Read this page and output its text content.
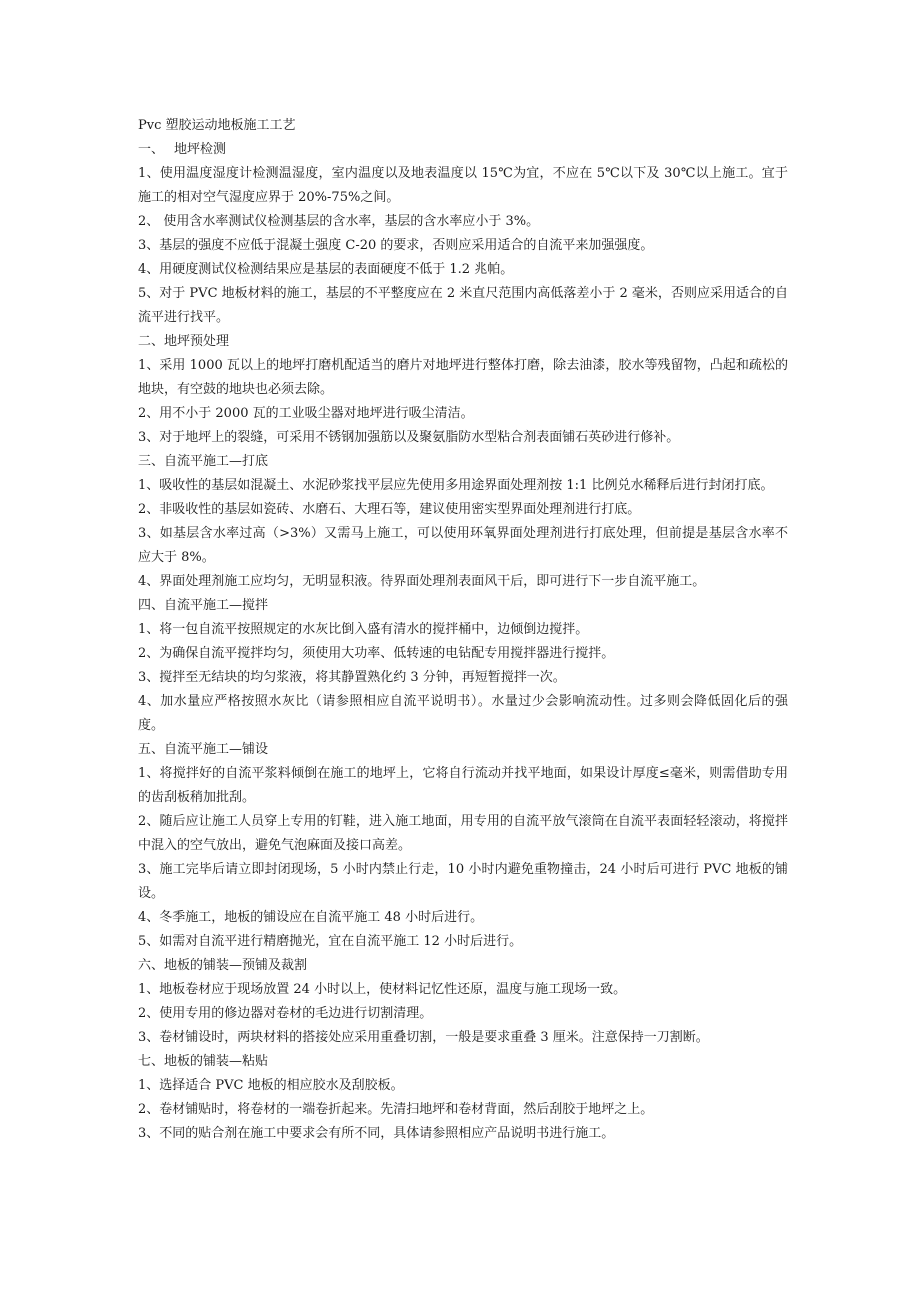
Pvc 塑胶运动地板施工工艺
一、 地坪检测
1、使用温度湿度计检测温湿度，室内温度以及地表温度以 15℃为宜，不应在 5℃以下及 30℃以上施工。宜于施工的相对空气湿度应界于 20%-75%之间。
2、 使用含水率测试仪检测基层的含水率，基层的含水率应小于 3%。
3、基层的强度不应低于混凝土强度 C-20 的要求，否则应采用适合的自流平来加强强度。
4、用硬度测试仪检测结果应是基层的表面硬度不低于 1.2 兆帕。
5、对于 PVC 地板材料的施工，基层的不平整度应在 2 米直尺范围内高低落差小于 2 毫米，否则应采用适合的自流平进行找平。
二、地坪预处理
1、采用 1000 瓦以上的地坪打磨机配适当的磨片对地坪进行整体打磨，除去油漆，胶水等残留物，凸起和疏松的地块，有空鼓的地块也必须去除。
2、用不小于 2000 瓦的工业吸尘器对地坪进行吸尘清洁。
3、对于地坪上的裂缝，可采用不锈钢加强筋以及聚氨脂防水型粘合剂表面铺石英砂进行修补。
三、自流平施工—打底
1、吸收性的基层如混凝土、水泥砂浆找平层应先使用多用途界面处理剂按 1:1 比例兑水稀释后进行封闭打底。
2、非吸收性的基层如瓷砖、水磨石、大理石等，建议使用密实型界面处理剂进行打底。
3、如基层含水率过高（>3%）又需马上施工，可以使用环氧界面处理剂进行打底处理，但前提是基层含水率不应大于 8%。
4、界面处理剂施工应均匀，无明显积液。待界面处理剂表面风干后，即可进行下一步自流平施工。
四、自流平施工—搅拌
1、将一包自流平按照规定的水灰比倒入盛有清水的搅拌桶中，边倾倒边搅拌。
2、为确保自流平搅拌均匀，须使用大功率、低转速的电钻配专用搅拌器进行搅拌。
3、搅拌至无结块的均匀浆液，将其静置熟化约 3 分钟，再短暂搅拌一次。
4、加水量应严格按照水灰比（请参照相应自流平说明书）。水量过少会影响流动性。过多则会降低固化后的强度。
五、自流平施工—铺设
1、将搅拌好的自流平浆料倾倒在施工的地坪上，它将自行流动并找平地面，如果设计厚度≤毫米，则需借助专用的齿刮板稍加批刮。
2、随后应让施工人员穿上专用的钉鞋，进入施工地面，用专用的自流平放气滚筒在自流平表面轻轻滚动，将搅拌中混入的空气放出，避免气泡麻面及接口高差。
3、施工完毕后请立即封闭现场，5 小时内禁止行走，10 小时内避免重物撞击，24 小时后可进行 PVC 地板的铺设。
4、冬季施工，地板的铺设应在自流平施工 48 小时后进行。
5、如需对自流平进行精磨抛光，宜在自流平施工 12 小时后进行。
六、地板的铺装—预铺及裁割
1、地板卷材应于现场放置 24 小时以上，使材料记忆性还原，温度与施工现场一致。
2、使用专用的修边器对卷材的毛边进行切割清理。
3、卷材铺设时，两块材料的搭接处应采用重叠切割，一般是要求重叠 3 厘米。注意保持一刀割断。
七、地板的铺装—粘贴
1、选择适合 PVC 地板的相应胶水及刮胶板。
2、卷材铺贴时，将卷材的一端卷折起来。先清扫地坪和卷材背面，然后刮胶于地坪之上。
3、不同的贴合剂在施工中要求会有所不同，具体请参照相应产品说明书进行施工。
